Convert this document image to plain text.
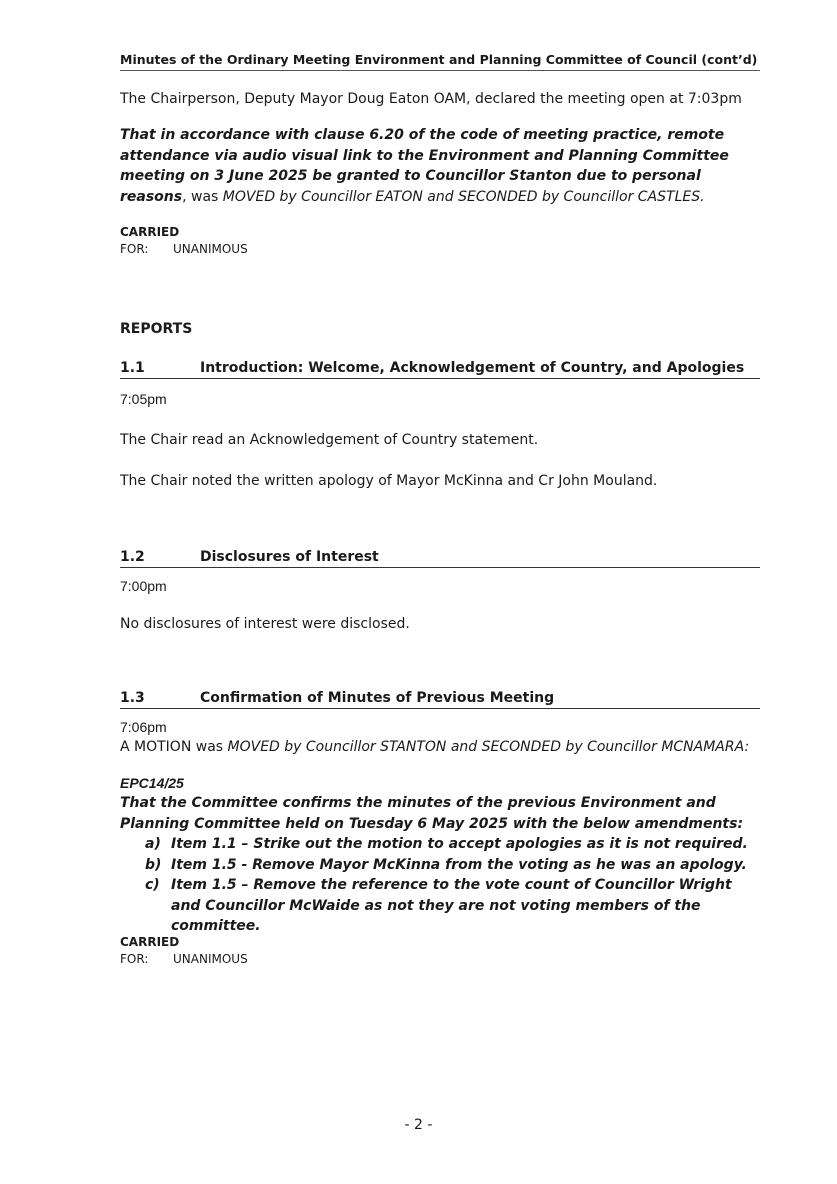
Minutes of the Ordinary Meeting Environment and Planning Committee of Council (cont’d)
The Chairperson, Deputy Mayor Doug Eaton OAM, declared the meeting open at 7:03pm
That in accordance with clause 6.20 of the code of meeting practice, remote attendance via audio visual link to the Environment and Planning Committee meeting on 3 June 2025 be granted to Councillor Stanton due to personal reasons, was MOVED by Councillor EATON and SECONDED by Councillor CASTLES.
CARRIED
FOR: UNANIMOUS
REPORTS
1.1	Introduction: Welcome, Acknowledgement of Country, and Apologies
7:05pm
The Chair read an Acknowledgement of Country statement.
The Chair noted the written apology of Mayor McKinna and Cr John Mouland.
1.2	Disclosures of Interest
7:00pm
No disclosures of interest were disclosed.
1.3	Confirmation of Minutes of Previous Meeting
7:06pm
A MOTION was MOVED by Councillor STANTON and SECONDED by Councillor MCNAMARA:
EPC14/25
That the Committee confirms the minutes of the previous Environment and Planning Committee held on Tuesday 6 May 2025 with the below amendments:
a) Item 1.1 – Strike out the motion to accept apologies as it is not required.
b) Item 1.5 - Remove Mayor McKinna from the voting as he was an apology.
c) Item 1.5 – Remove the reference to the vote count of Councillor Wright and Councillor McWaide as not they are not voting members of the committee.
CARRIED
FOR: UNANIMOUS
- 2 -
